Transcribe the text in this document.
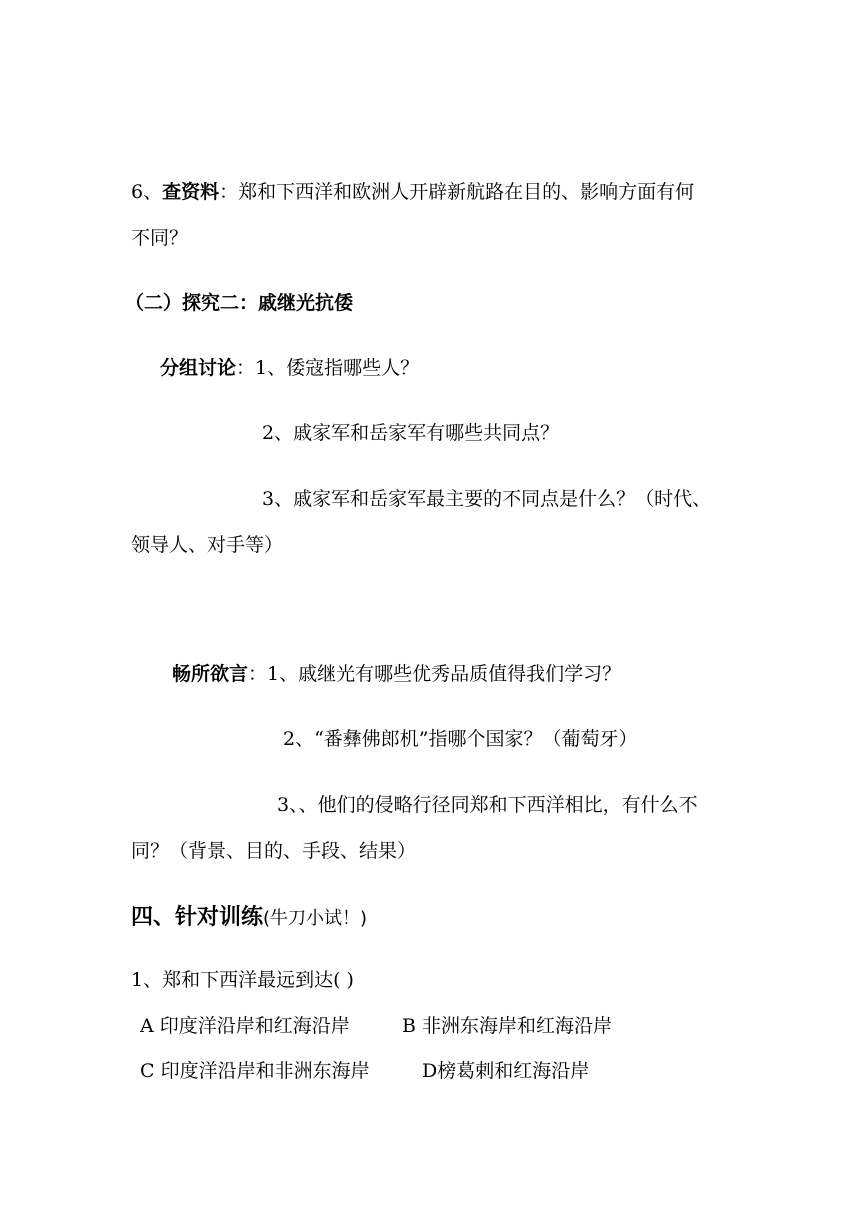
6、查资料：郑和下西洋和欧洲人开辟新航路在目的、影响方面有何
不同？
（二）探究二：戚继光抗倭
分组讨论：1、倭寇指哪些人？
2、戚家军和岳家军有哪些共同点？
3、戚家军和岳家军最主要的不同点是什么？（时代、
领导人、对手等）
畅所欲言：1、戚继光有哪些优秀品质值得我们学习？
2、“番彝佛郎机”指哪个国家？（葡萄牙）
3、、他们的侵略行径同郑和下西洋相比，有什么不
同？（背景、目的、手段、结果）
四、针对训练(牛刀小试！)
1、郑和下西洋最远到达( )
A 印度洋沿岸和红海沿岸	B 非洲东海岸和红海沿岸
C 印度洋沿岸和非洲东海岸	D榜葛剌和红海沿岸
